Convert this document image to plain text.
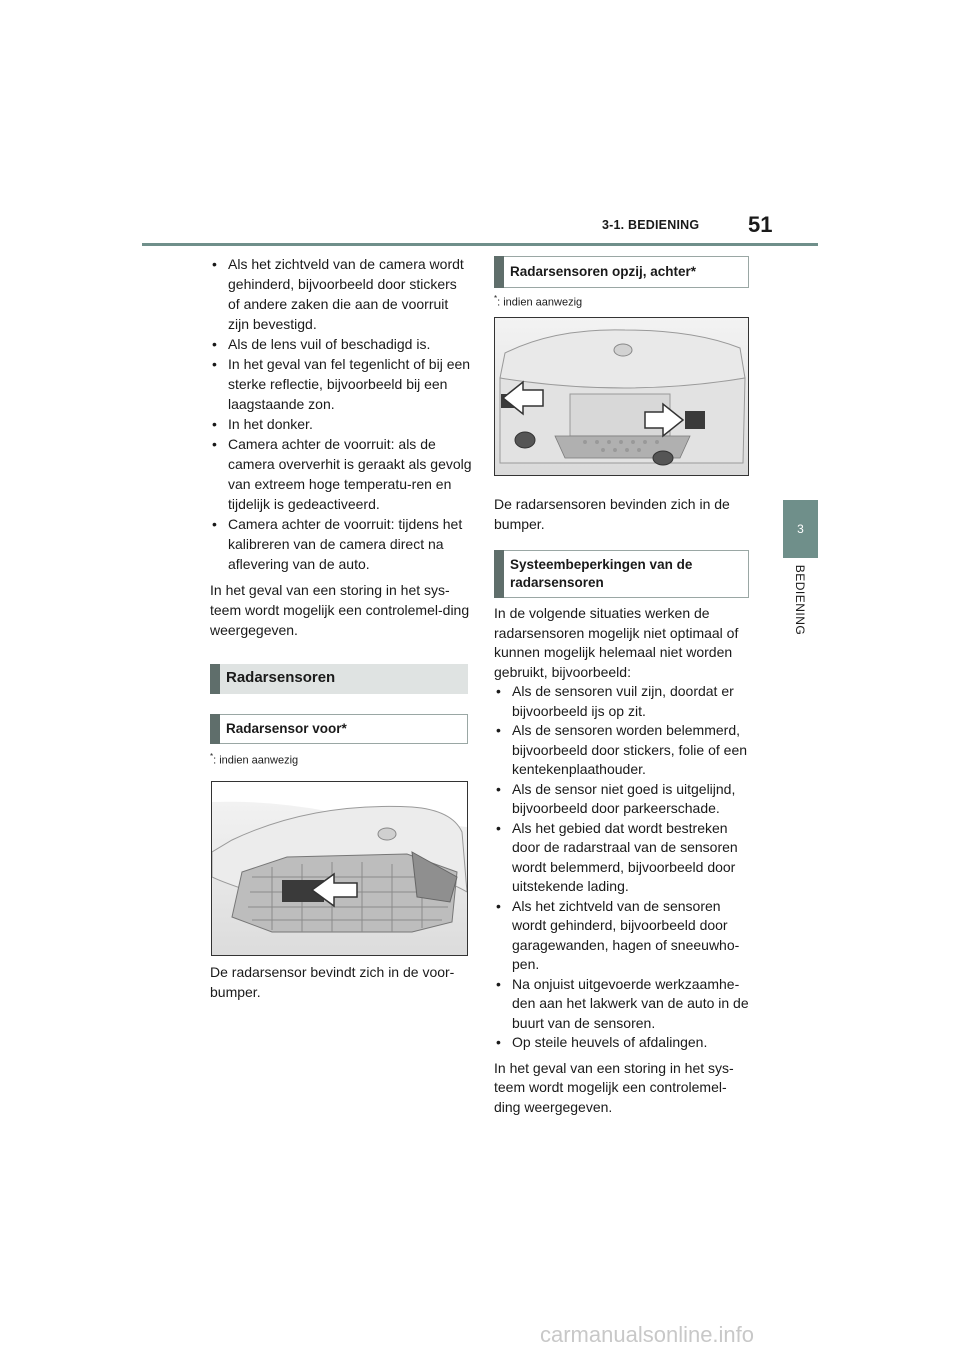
3-1. BEDIENING 51
3
BEDIENING
• Als het zichtveld van de camera wordt gehinderd, bijvoorbeeld door stickers of andere zaken die aan de voorruit zijn bevestigd.
• Als de lens vuil of beschadigd is.
• In het geval van fel tegenlicht of bij een sterke reflectie, bijvoorbeeld bij een laagstaande zon.
• In het donker.
• Camera achter de voorruit: als de camera oververhit is geraakt als gevolg van extreem hoge temperatu-ren en tijdelijk is gedeactiveerd.
• Camera achter de voorruit: tijdens het kalibreren van de camera direct na aflevering van de auto.

In het geval van een storing in het sys-teem wordt mogelijk een controlemel-ding weergegeven.

Radarsensoren
Radarsensor voor*
*: indien aanwezig
De radarsensor bevindt zich in de voor-bumper.
Radarsensoren opzij, achter*
*: indien aanwezig
De radarsensoren bevinden zich in de bumper.
Systeembeperkingen van de
radarsensoren

In de volgende situaties werken de radarsensoren mogelijk niet optimaal of kunnen mogelijk helemaal niet worden gebruikt, bijvoorbeeld:

• Als de sensoren vuil zijn, doordat er bijvoorbeeld ijs op zit.
• Als de sensoren worden belemmerd, bijvoorbeeld door stickers, folie of een kentekenplaathouder.
• Als de sensor niet goed is uitgelijnd, bijvoorbeeld door parkeerschade.
• Als het gebied dat wordt bestreken door de radarstraal van de sensoren wordt belemmerd, bijvoorbeeld door uitstekende lading.
• Als het zichtveld van de sensoren wordt gehinderd, bijvoorbeeld door garagewanden, hagen of sneeuwho-pen.
• Na onjuist uitgevoerde werkzaamhe-den aan het lakwerk van de auto in de buurt van de sensoren.
• Op steile heuvels of afdalingen.

In het geval van een storing in het sys-teem wordt mogelijk een controlemel-ding weergegeven.

carmanualsonline.info
